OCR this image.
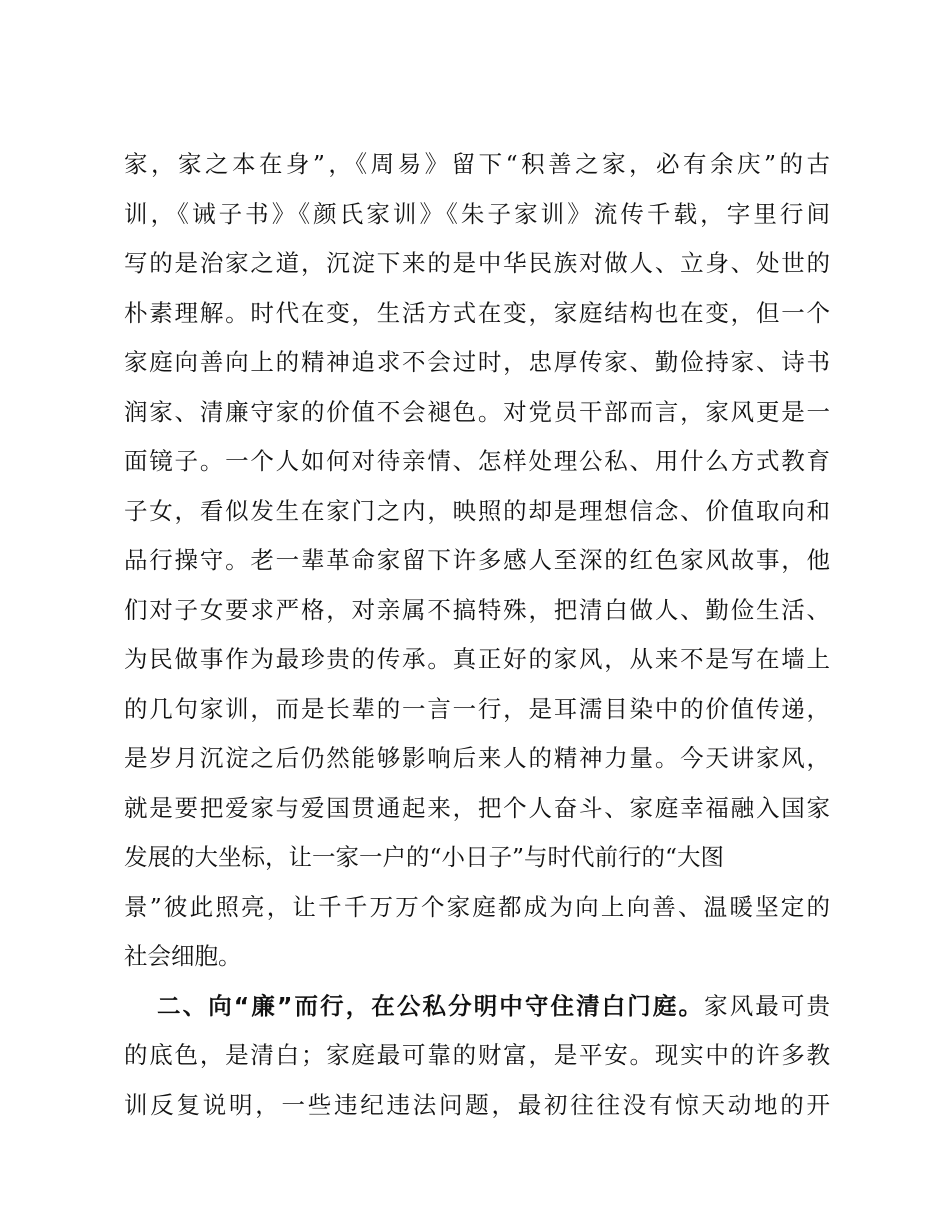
家，家之本在身”，《周易》留下“积善之家，必有余庆”的古
训，《诫子书》《颜氏家训》《朱子家训》流传千载，字里行间
写的是治家之道，沉淀下来的是中华民族对做人、立身、处世的
朴素理解。时代在变，生活方式在变，家庭结构也在变，但一个
家庭向善向上的精神追求不会过时，忠厚传家、勤俭持家、诗书
润家、清廉守家的价值不会褪色。对党员干部而言，家风更是一
面镜子。一个人如何对待亲情、怎样处理公私、用什么方式教育
子女，看似发生在家门之内，映照的却是理想信念、价值取向和
品行操守。老一辈革命家留下许多感人至深的红色家风故事，他
们对子女要求严格，对亲属不搞特殊，把清白做人、勤俭生活、
为民做事作为最珍贵的传承。真正好的家风，从来不是写在墙上
的几句家训，而是长辈的一言一行，是耳濡目染中的价值传递，
是岁月沉淀之后仍然能够影响后来人的精神力量。今天讲家风，
就是要把爱家与爱国贯通起来，把个人奋斗、家庭幸福融入国家
发展的大坐标，让一家一户的“小日子”与时代前行的“大图
景”彼此照亮，让千千万万个家庭都成为向上向善、温暖坚定的
社会细胞。
二、向“廉”而行，在公私分明中守住清白门庭。家风最可贵
的底色，是清白；家庭最可靠的财富，是平安。现实中的许多教
训反复说明，一些违纪违法问题，最初往往没有惊天动地的开
